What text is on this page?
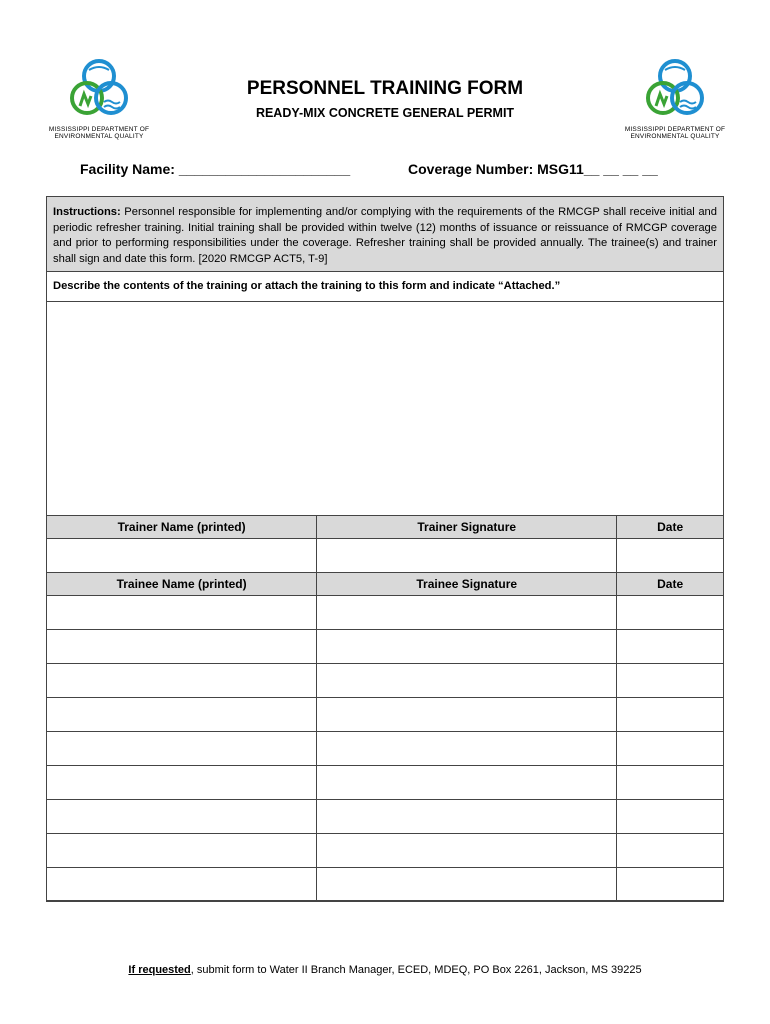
MISSISSIPPI DEPARTMENT OF
ENVIRONMENTAL QUALITY
MISSISSIPPI DEPARTMENT OF
ENVIRONMENTAL QUALITY
PERSONNEL TRAINING FORM
READY-MIX CONCRETE GENERAL PERMIT
Facility Name: ______________________	Coverage Number: MSG11__ __ __ __
Instructions: Personnel responsible for implementing and/or complying with the requirements of the RMCGP shall receive initial and periodic refresher training. Initial training shall be provided within twelve (12) months of issuance or reissuance of RMCGP coverage and prior to performing responsibilities under the coverage. Refresher training shall be provided annually. The trainee(s) and trainer shall sign and date this form. [2020 RMCGP ACT5, T-9]
Describe the contents of the training or attach the training to this form and indicate “Attached.”
Trainer Name (printed)	Trainer Signature	Date

Trainee Name (printed)	Trainee Signature	Date

If requested, submit form to Water II Branch Manager, ECED, MDEQ, PO Box 2261, Jackson, MS 39225
